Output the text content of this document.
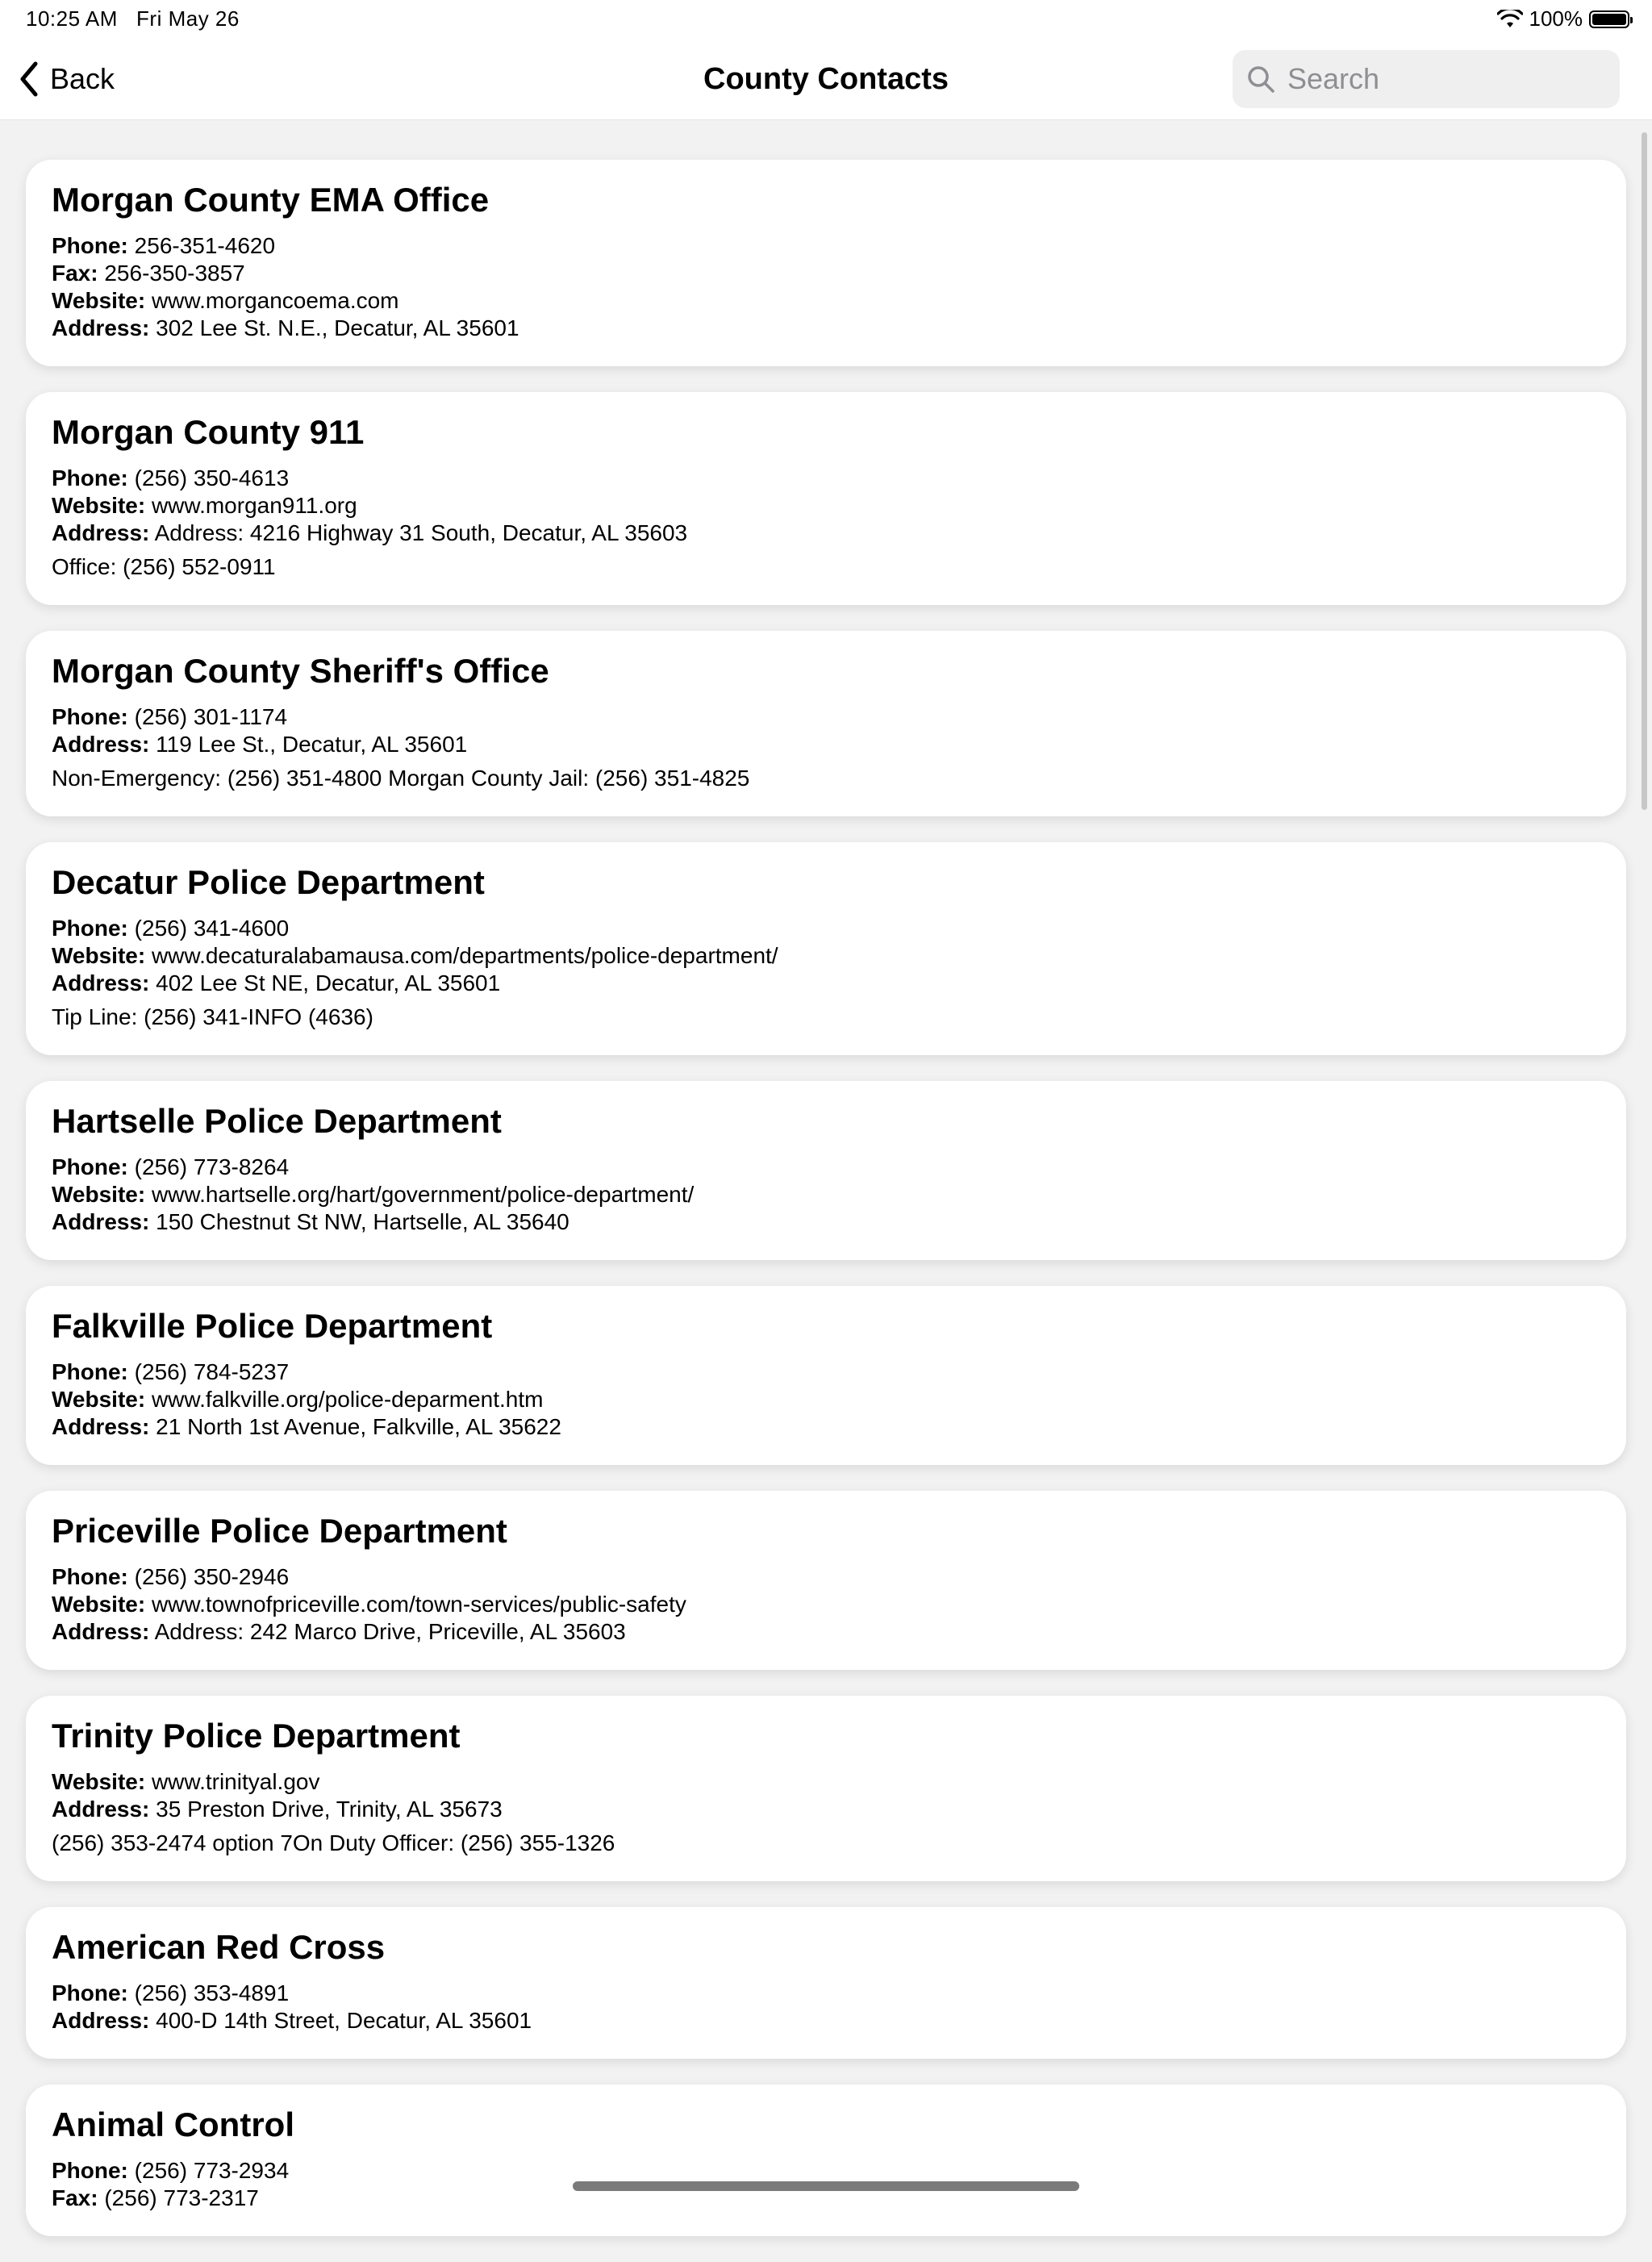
10:25 AM Fri May 26	100%
Back	County Contacts
Search
Morgan County EMA Office
Phone: 256-351-4620
Fax: 256-350-3857
Website: www.morgancoema.com
Address: 302 Lee St. N.E., Decatur, AL 35601
Morgan County 911
Phone: (256) 350-4613
Website: www.morgan911.org
Address: Address: 4216 Highway 31 South, Decatur, AL 35603
Office: (256) 552-0911
Morgan County Sheriff's Office
Phone: (256) 301-1174
Address: 119 Lee St., Decatur, AL 35601
Non-Emergency: (256) 351-4800 Morgan County Jail: (256) 351-4825
Decatur Police Department
Phone: (256) 341-4600
Website: www.decaturalabamausa.com/departments/police-department/
Address: 402 Lee St NE, Decatur, AL 35601
Tip Line: (256) 341-INFO (4636)
Hartselle Police Department
Phone: (256) 773-8264
Website: www.hartselle.org/hart/government/police-department/
Address: 150 Chestnut St NW, Hartselle, AL 35640
Falkville Police Department
Phone: (256) 784-5237
Website: www.falkville.org/police-deparment.htm
Address: 21 North 1st Avenue, Falkville, AL 35622
Priceville Police Department
Phone: (256) 350-2946
Website: www.townofpriceville.com/town-services/public-safety
Address: Address: 242 Marco Drive, Priceville, AL 35603
Trinity Police Department
Website: www.trinityal.gov
Address: 35 Preston Drive, Trinity, AL 35673
(256) 353-2474 option 7On Duty Officer: (256) 355-1326
American Red Cross
Phone: (256) 353-4891
Address: 400-D 14th Street, Decatur, AL 35601
Animal Control
Phone: (256) 773-2934
Fax: (256) 773-2317
